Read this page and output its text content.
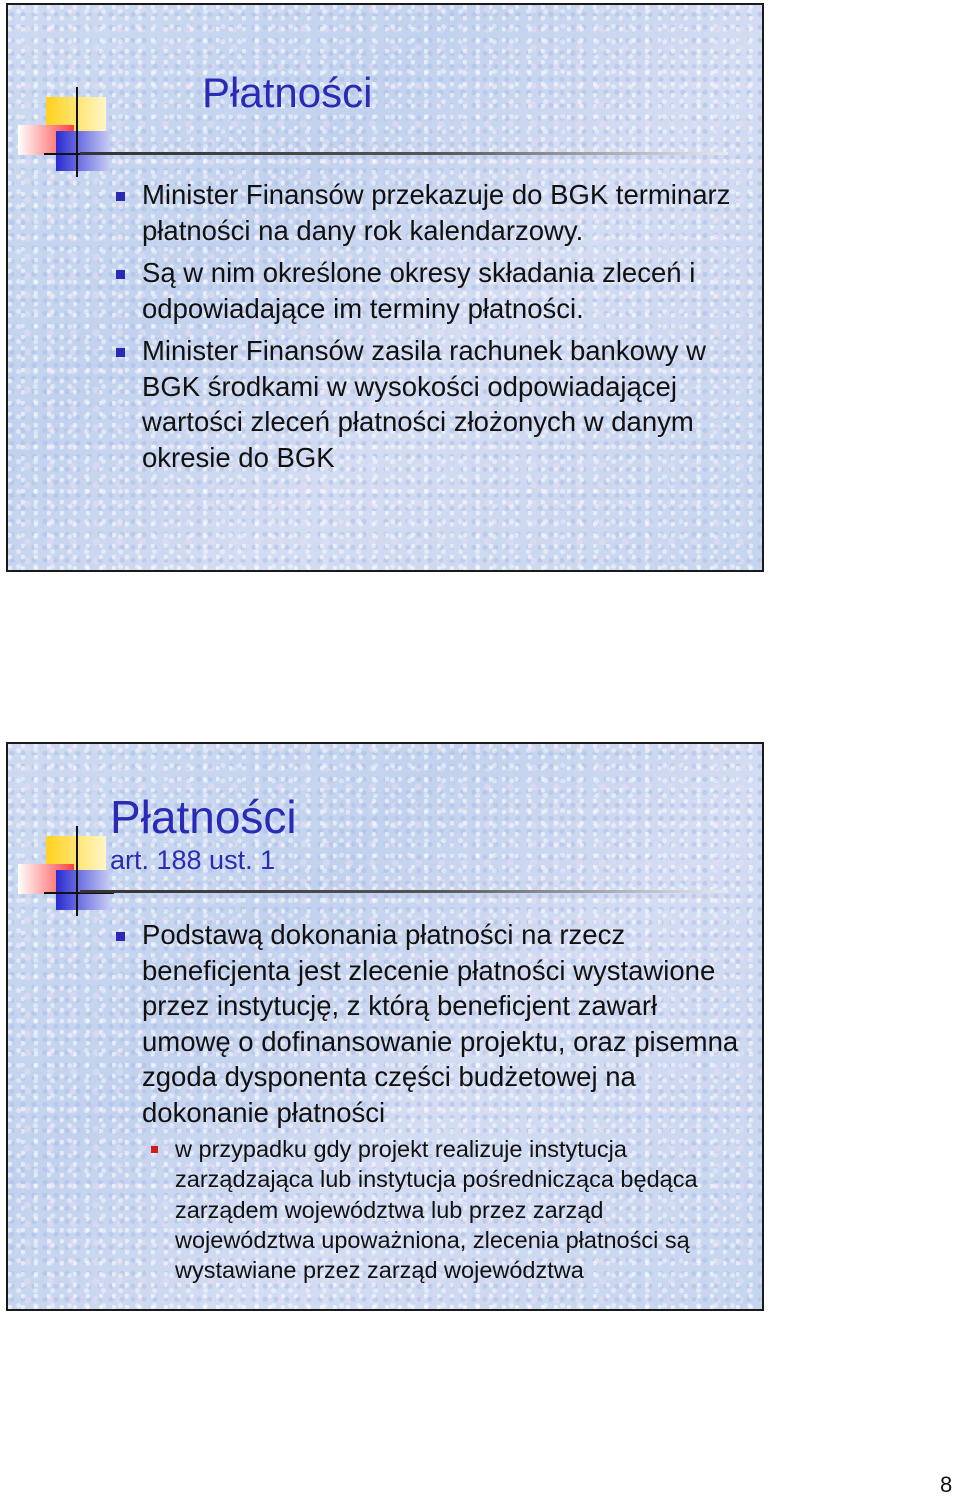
Płatności
Minister Finansów przekazuje do BGK terminarz płatności na dany rok kalendarzowy.
Są w nim określone okresy składania zleceń i odpowiadające im terminy płatności.
Minister Finansów zasila rachunek bankowy w BGK środkami w wysokości odpowiadającej wartości zleceń płatności złożonych w danym okresie do BGK
Płatności

art. 188 ust. 1

Podstawą dokonania płatności na rzecz beneficjenta jest zlecenie płatności wystawione przez instytucję, z którą beneficjent zawarł umowę o dofinansowanie projektu, oraz pisemna zgoda dysponenta części budżetowej na dokonanie płatności
w przypadku gdy projekt realizuje instytucja zarządzająca lub instytucja pośrednicząca będąca zarządem województwa lub przez zarząd województwa upoważniona, zlecenia płatności są wystawiane przez zarząd województwa
8
